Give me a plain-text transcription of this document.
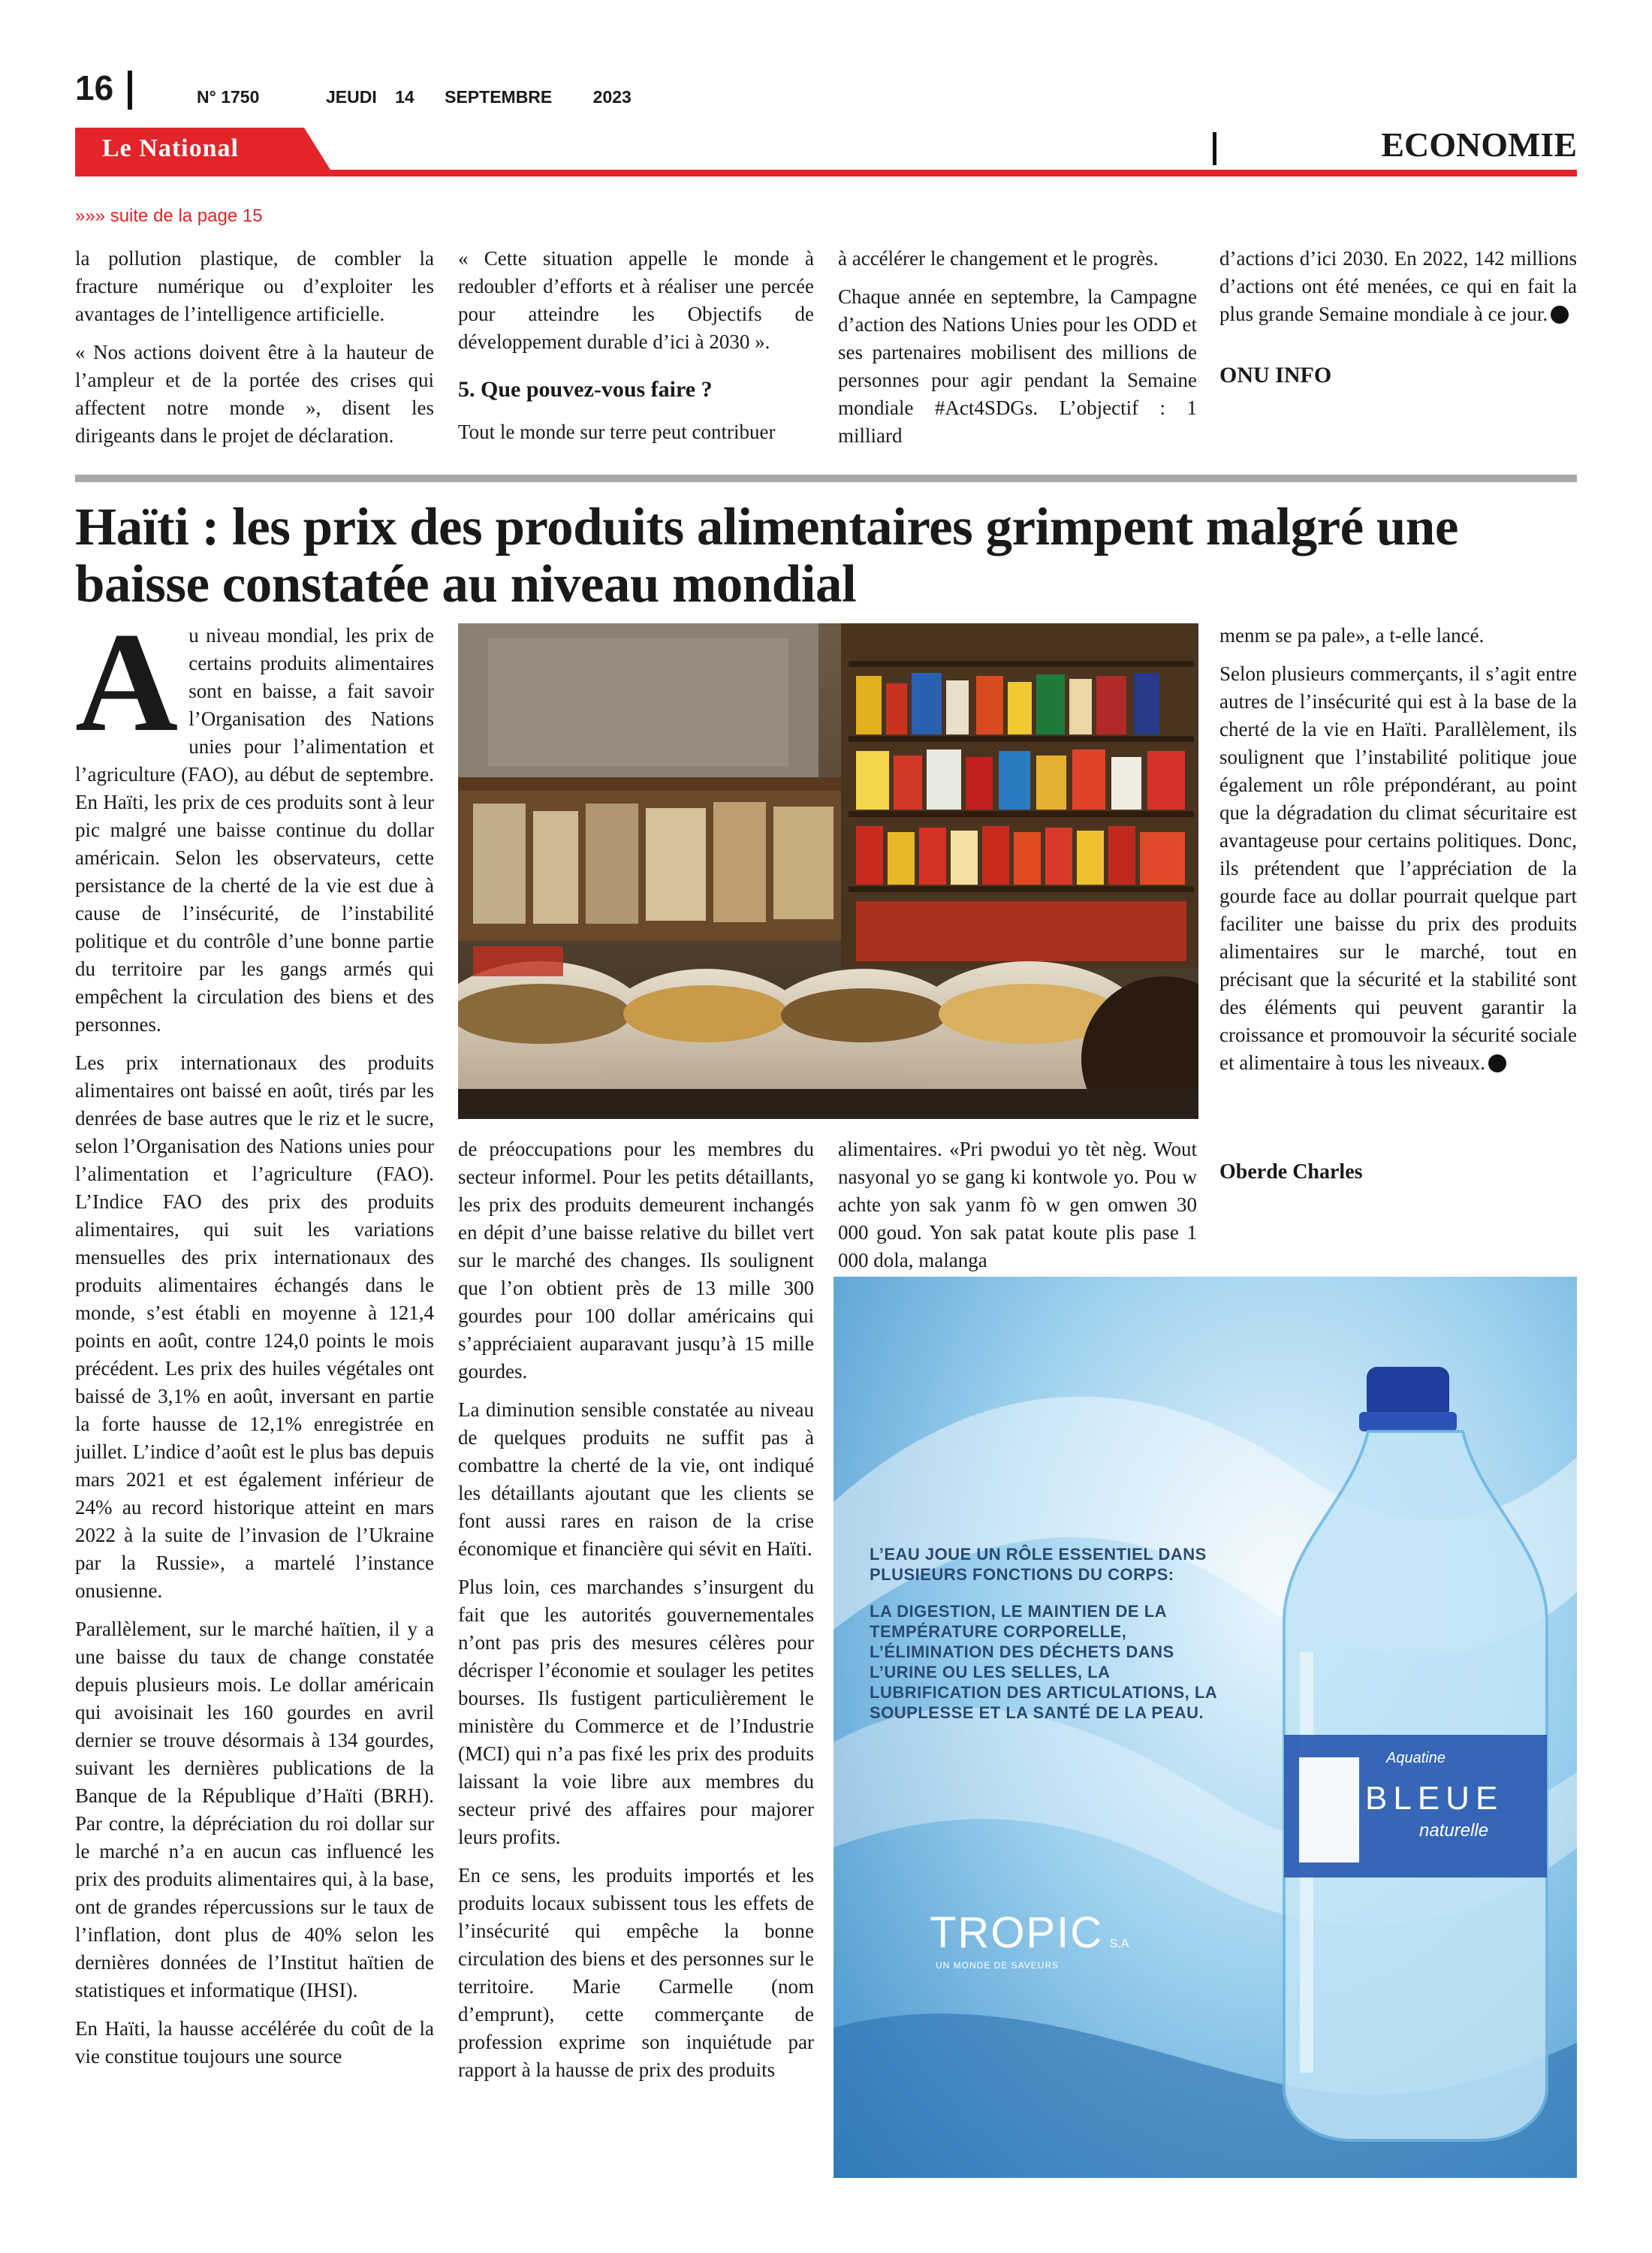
16	N° 1750	JEUDI 14 SEPTEMBRE 2023
Le National	ECONOMIE
»»» suite de la page 15

la pollution plastique, de combler la fracture numérique ou d’exploiter les avantages de l’intelligence artificielle.

« Nos actions doivent être à la hauteur de l’ampleur et de la portée des crises qui affectent notre monde », disent les dirigeants dans le projet de déclaration.

« Cette situation appelle le monde à redoubler d’efforts et à réaliser une percée pour atteindre les Objectifs de développement durable d’ici à 2030 ».

5. Que pouvez-vous faire ?

Tout le monde sur terre peut contribuer

à accélérer le changement et le progrès.

Chaque année en septembre, la Campagne d’action des Nations Unies pour les ODD et ses partenaires mobilisent des millions de personnes pour agir pendant la Semaine mondiale #Act4SDGs. L’objectif : 1 milliard

d’actions d’ici 2030. En 2022, 142 millions d’actions ont été menées, ce qui en fait la plus grande Semaine mondiale à ce jour.

ONU INFO
Haïti : les prix des produits alimentaires grimpent malgré une baisse constatée au niveau mondial

Au niveau mondial, les prix de certains produits alimentaires sont en baisse, a fait savoir l’Organisation des Nations unies pour l’alimentation et l’agriculture (FAO), au début de septembre. En Haïti, les prix de ces produits sont à leur pic malgré une baisse continue du dollar américain. Selon les observateurs, cette persistance de la cherté de la vie est due à cause de l’insécurité, de l’instabilité politique et du contrôle d’une bonne partie du territoire par les gangs armés qui empêchent la circulation des biens et des personnes.

Les prix internationaux des produits alimentaires ont baissé en août, tirés par les denrées de base autres que le riz et le sucre, selon l’Organisation des Nations unies pour l’alimentation et l’agriculture (FAO). L’Indice FAO des prix des produits alimentaires, qui suit les variations mensuelles des prix internationaux des produits alimentaires échangés dans le monde, s’est établi en moyenne à 121,4 points en août, contre 124,0 points le mois précédent. Les prix des huiles végétales ont baissé de 3,1% en août, inversant en partie la forte hausse de 12,1% enregistrée en juillet. L’indice d’août est le plus bas depuis mars 2021 et est également inférieur de 24% au record historique atteint en mars 2022 à la suite de l’invasion de l’Ukraine par la Russie», a martelé l’instance onusienne.

Parallèlement, sur le marché haïtien, il y a une baisse du taux de change constatée depuis plusieurs mois. Le dollar américain qui avoisinait les 160 gourdes en avril dernier se trouve désormais à 134 gourdes, suivant les dernières publications de la Banque de la République d’Haïti (BRH). Par contre, la dépréciation du roi dollar sur le marché n’a en aucun cas influencé les prix des produits alimentaires qui, à la base, ont de grandes répercussions sur le taux de l’inflation, dont plus de 40% selon les dernières données de l’Institut haïtien de statistiques et informatique (IHSI).

En Haïti, la hausse accélérée du coût de la vie constitue toujours une source

de préoccupations pour les membres du secteur informel. Pour les petits détaillants, les prix des produits demeurent inchangés en dépit d’une baisse relative du billet vert sur le marché des changes. Ils soulignent que l’on obtient près de 13 mille 300 gourdes pour 100 dollar américains qui s’appréciaient auparavant jusqu’à 15 mille gourdes.

La diminution sensible constatée au niveau de quelques produits ne suffit pas à combattre la cherté de la vie, ont indiqué les détaillants ajoutant que les clients se font aussi rares en raison de la crise économique et financière qui sévit en Haïti.

Plus loin, ces marchandes s’insurgent du fait que les autorités gouvernementales n’ont pas pris des mesures célères pour décrisper l’économie et soulager les petites bourses. Ils fustigent particulièrement le ministère du Commerce et de l’Industrie (MCI) qui n’a pas fixé les prix des produits laissant la voie libre aux membres du secteur privé des affaires pour majorer leurs profits.

En ce sens, les produits importés et les produits locaux subissent tous les effets de l’insécurité qui empêche la bonne circulation des biens et des personnes sur le territoire. Marie Carmelle (nom d’emprunt), cette commerçante de profession exprime son inquiétude par rapport à la hausse de prix des produits

alimentaires. «Pri pwodui yo tèt nèg. Wout nasyonal yo se gang ki kontwole yo. Pou w achte yon sak yanm fò w gen omwen 30 000 goud. Yon sak patat koute plis pase 1 000 dola, malanga

menm se pa pale», a t-elle lancé.

Selon plusieurs commerçants, il s’agit entre autres de l’insécurité qui est à la base de la cherté de la vie en Haïti. Parallèlement, ils soulignent que l’instabilité politique joue également un rôle prépondérant, au point que la dégradation du climat sécuritaire est avantageuse pour certains politiques. Donc, ils prétendent que l’appréciation de la gourde face au dollar pourrait quelque part faciliter une baisse du prix des produits alimentaires sur le marché, tout en précisant que la sécurité et la stabilité sont des éléments qui peuvent garantir la croissance et promouvoir la sécurité sociale et alimentaire à tous les niveaux.

Oberde Charles
Aquatine
BLEUE
naturelle
L’EAU JOUE UN RÔLE ESSENTIEL DANS
PLUSIEURS FONCTIONS DU CORPS:
LA DIGESTION, LE MAINTIEN DE LA
TEMPÉRATURE CORPORELLE,
L’ÉLIMINATION DES DÉCHETS DANS
L’URINE OU LES SELLES, LA
LUBRIFICATION DES ARTICULATIONS, LA
SOUPLESSE ET LA SANTÉ DE LA PEAU.
TROPIC S.A
UN MONDE DE SAVEURS
